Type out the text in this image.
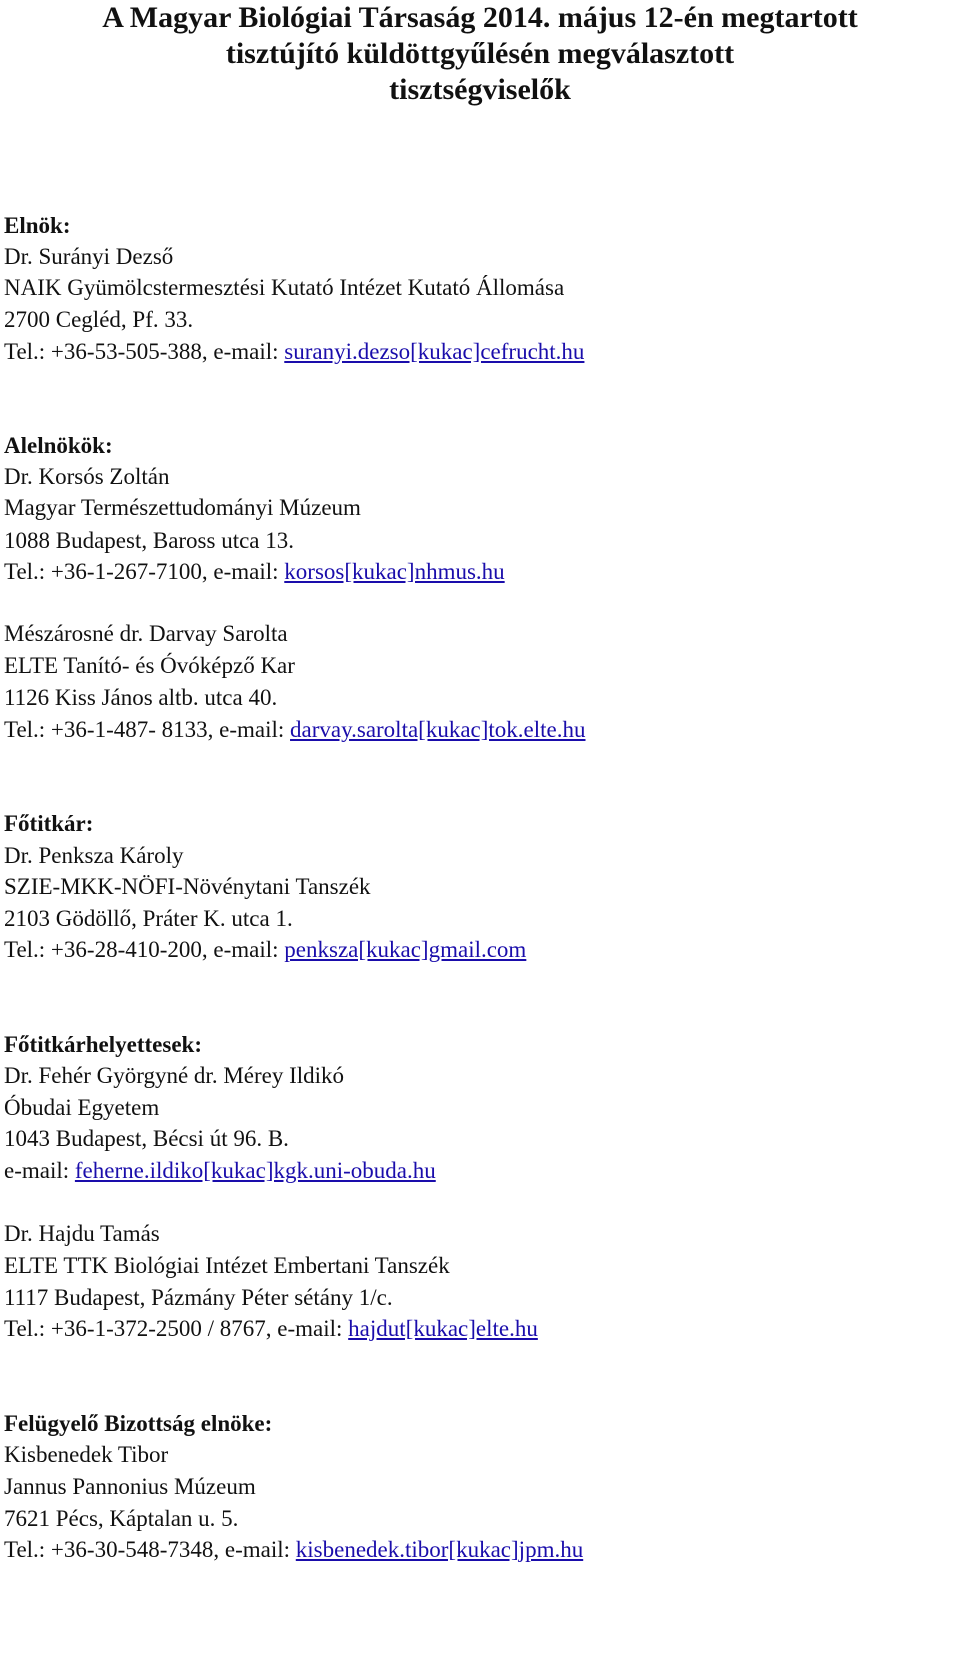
A Magyar Biológiai Társaság 2014. május 12-én megtartott
tisztújító küldöttgyűlésén megválasztott
tisztségviselők
Elnök:
Dr. Surányi Dezső
NAIK Gyümölcstermesztési Kutató Intézet Kutató Állomása
2700 Cegléd, Pf. 33.
Tel.: +36-53-505-388, e-mail: suranyi.dezso[kukac]cefrucht.hu
Alelnökök:
Dr. Korsós Zoltán
Magyar Természettudományi Múzeum
1088 Budapest, Baross utca 13.
Tel.: +36-1-267-7100, e-mail: korsos[kukac]nhmus.hu
Mészárosné dr. Darvay Sarolta
ELTE Tanító- és Óvóképző Kar
1126 Kiss János altb. utca 40.
Tel.: +36-1-487- 8133, e-mail: darvay.sarolta[kukac]tok.elte.hu
Főtitkár:
Dr. Penksza Károly
SZIE-MKK-NÖFI-Növénytani Tanszék
2103 Gödöllő, Práter K. utca 1.
Tel.: +36-28-410-200, e-mail: penksza[kukac]gmail.com
Főtitkárhelyettesek:
Dr. Fehér Györgyné dr. Mérey Ildikó
Óbudai Egyetem
1043 Budapest, Bécsi út 96. B.
e-mail: feherne.ildiko[kukac]kgk.uni-obuda.hu
Dr. Hajdu Tamás
ELTE TTK Biológiai Intézet Embertani Tanszék
1117 Budapest, Pázmány Péter sétány 1/c.
Tel.: +36-1-372-2500 / 8767, e-mail: hajdut[kukac]elte.hu
Felügyelő Bizottság elnöke:
Kisbenedek Tibor
Jannus Pannonius Múzeum
7621 Pécs, Káptalan u. 5.
Tel.: +36-30-548-7348, e-mail: kisbenedek.tibor[kukac]jpm.hu
